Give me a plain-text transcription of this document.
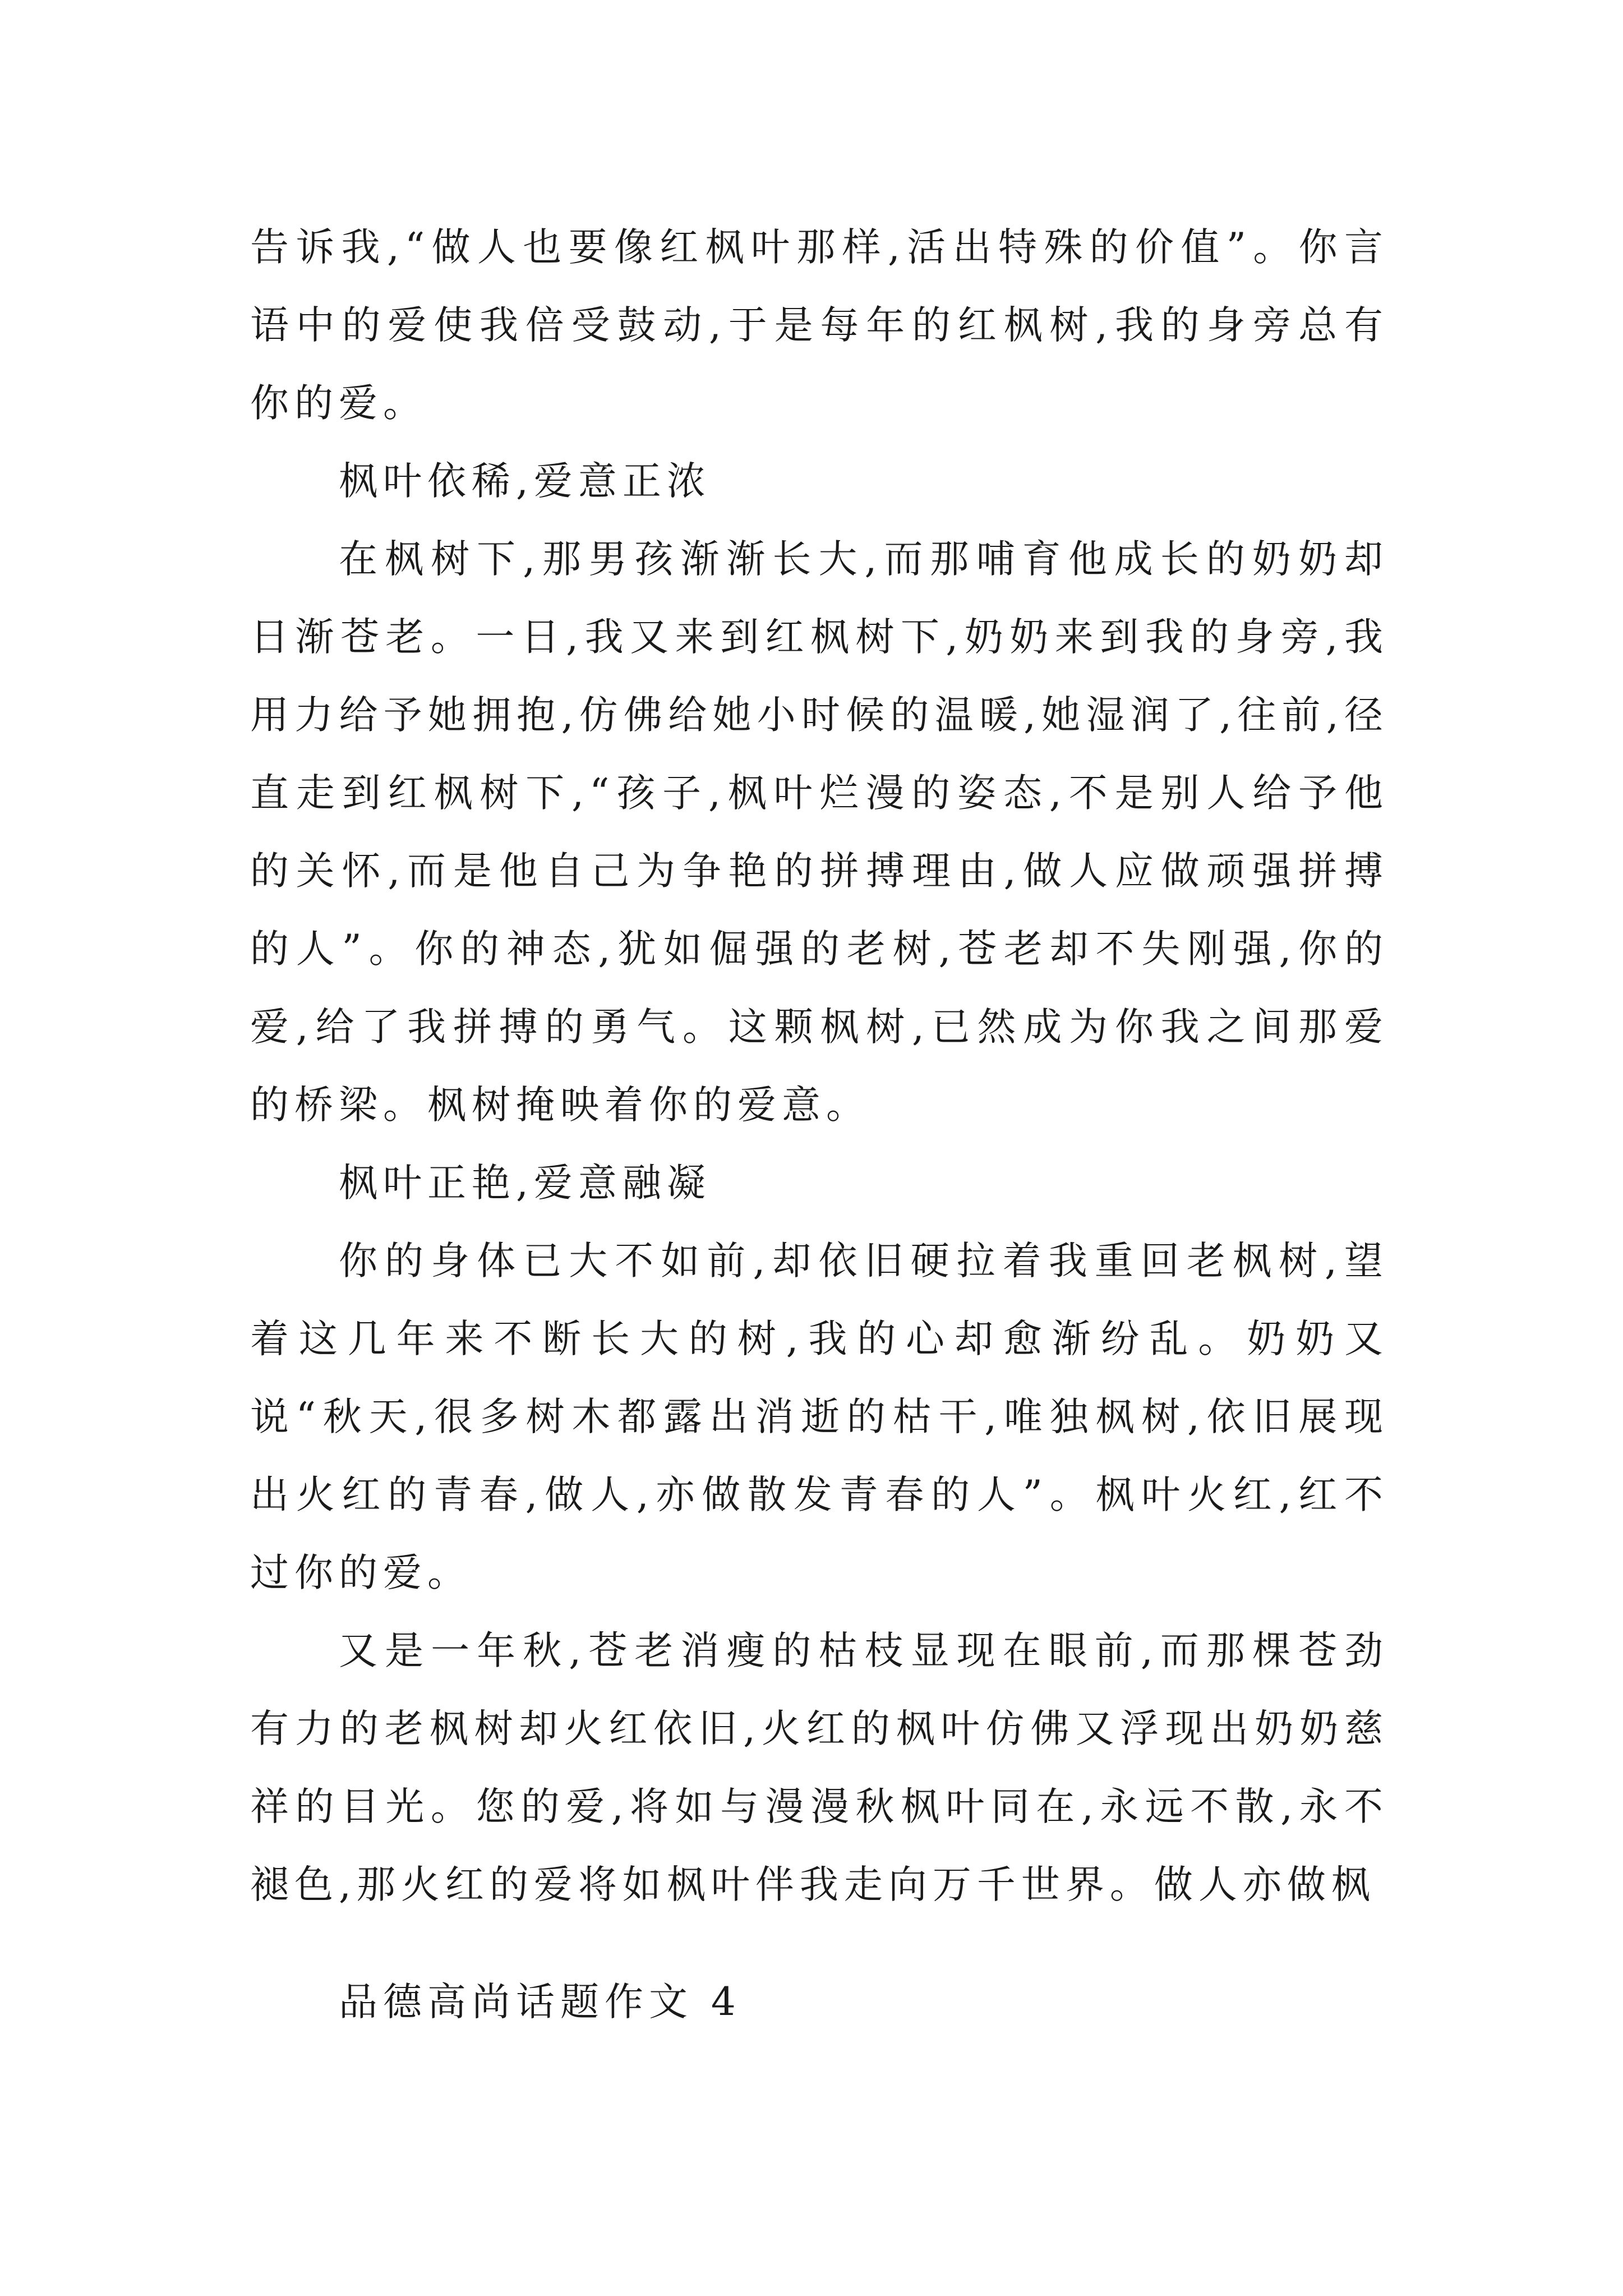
告诉我,“做人也要像红枫叶那样,活出特殊的价值”。你言语中的爱使我倍受鼓动,于是每年的红枫树,我的身旁总有你的爱。

枫叶依稀,爱意正浓

在枫树下,那男孩渐渐长大,而那哺育他成长的奶奶却日渐苍老。一日,我又来到红枫树下,奶奶来到我的身旁,我用力给予她拥抱,仿佛给她小时候的温暖,她湿润了,往前,径直走到红枫树下,“孩子,枫叶烂漫的姿态,不是别人给予他的关怀,而是他自己为争艳的拼搏理由,做人应做顽强拼搏的人”。你的神态,犹如倔强的老树,苍老却不失刚强,你的爱,给了我拼搏的勇气。这颗枫树,已然成为你我之间那爱的桥梁。枫树掩映着你的爱意。

枫叶正艳,爱意融凝

你的身体已大不如前,却依旧硬拉着我重回老枫树,望着这几年来不断长大的树,我的心却愈渐纷乱。奶奶又说“秋天,很多树木都露出消逝的枯干,唯独枫树,依旧展现出火红的青春,做人,亦做散发青春的人”。枫叶火红,红不过你的爱。

又是一年秋,苍老消瘦的枯枝显现在眼前,而那棵苍劲有力的老枫树却火红依旧,火红的枫叶仿佛又浮现出奶奶慈祥的目光。您的爱,将如与漫漫秋枫叶同在,永远不散,永不褪色,那火红的爱将如枫叶伴我走向万千世界。做人亦做枫

品德高尚话题作文 4
